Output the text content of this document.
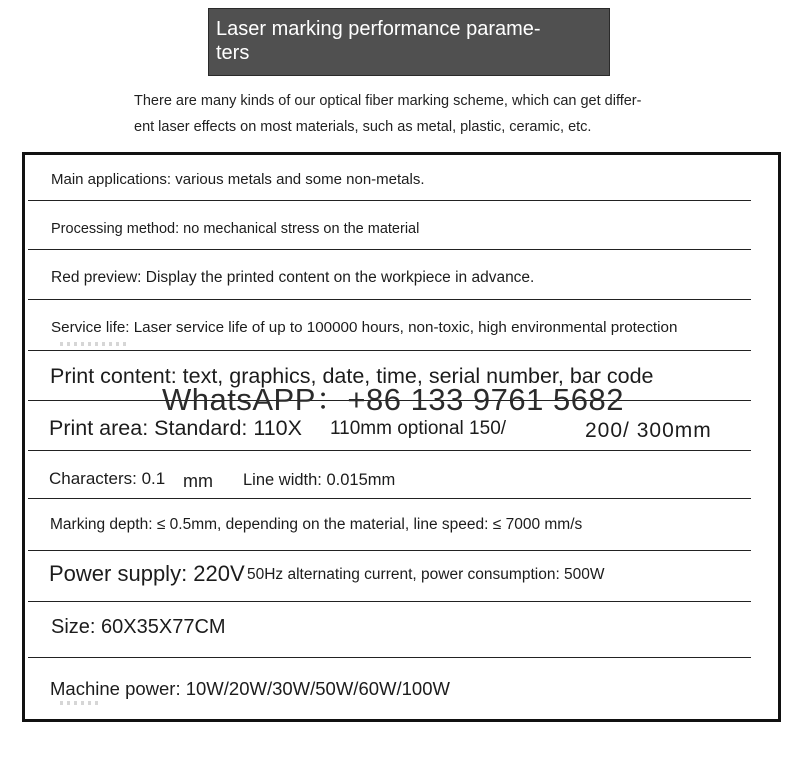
Laser marking performance parame-ters
There are many kinds of our optical fiber marking scheme, which can get differ-
ent laser effects on most materials, such as metal, plastic, ceramic, etc.
Main applications: various metals and some non-metals.
Processing method: no mechanical stress on the material
Red preview: Display the printed content on the workpiece in advance.
Service life: Laser service life of up to 100000 hours, non-toxic, high environmental protection
Print content: text, graphics, date, time, serial number, bar code
WhatsAPP：+86 133 9761 5682
Print area: Standard: 110X 110mm optional 150/	200/ 300mm
Characters: 0.1 mm Line width: 0.015mm
Marking depth: ≤ 0.5mm, depending on the material, line speed: ≤ 7000 mm/s
Power supply: 220V 50Hz alternating current, power consumption: 500W
Size: 60X35X77CM
Machine power: 10W/20W/30W/50W/60W/100W
